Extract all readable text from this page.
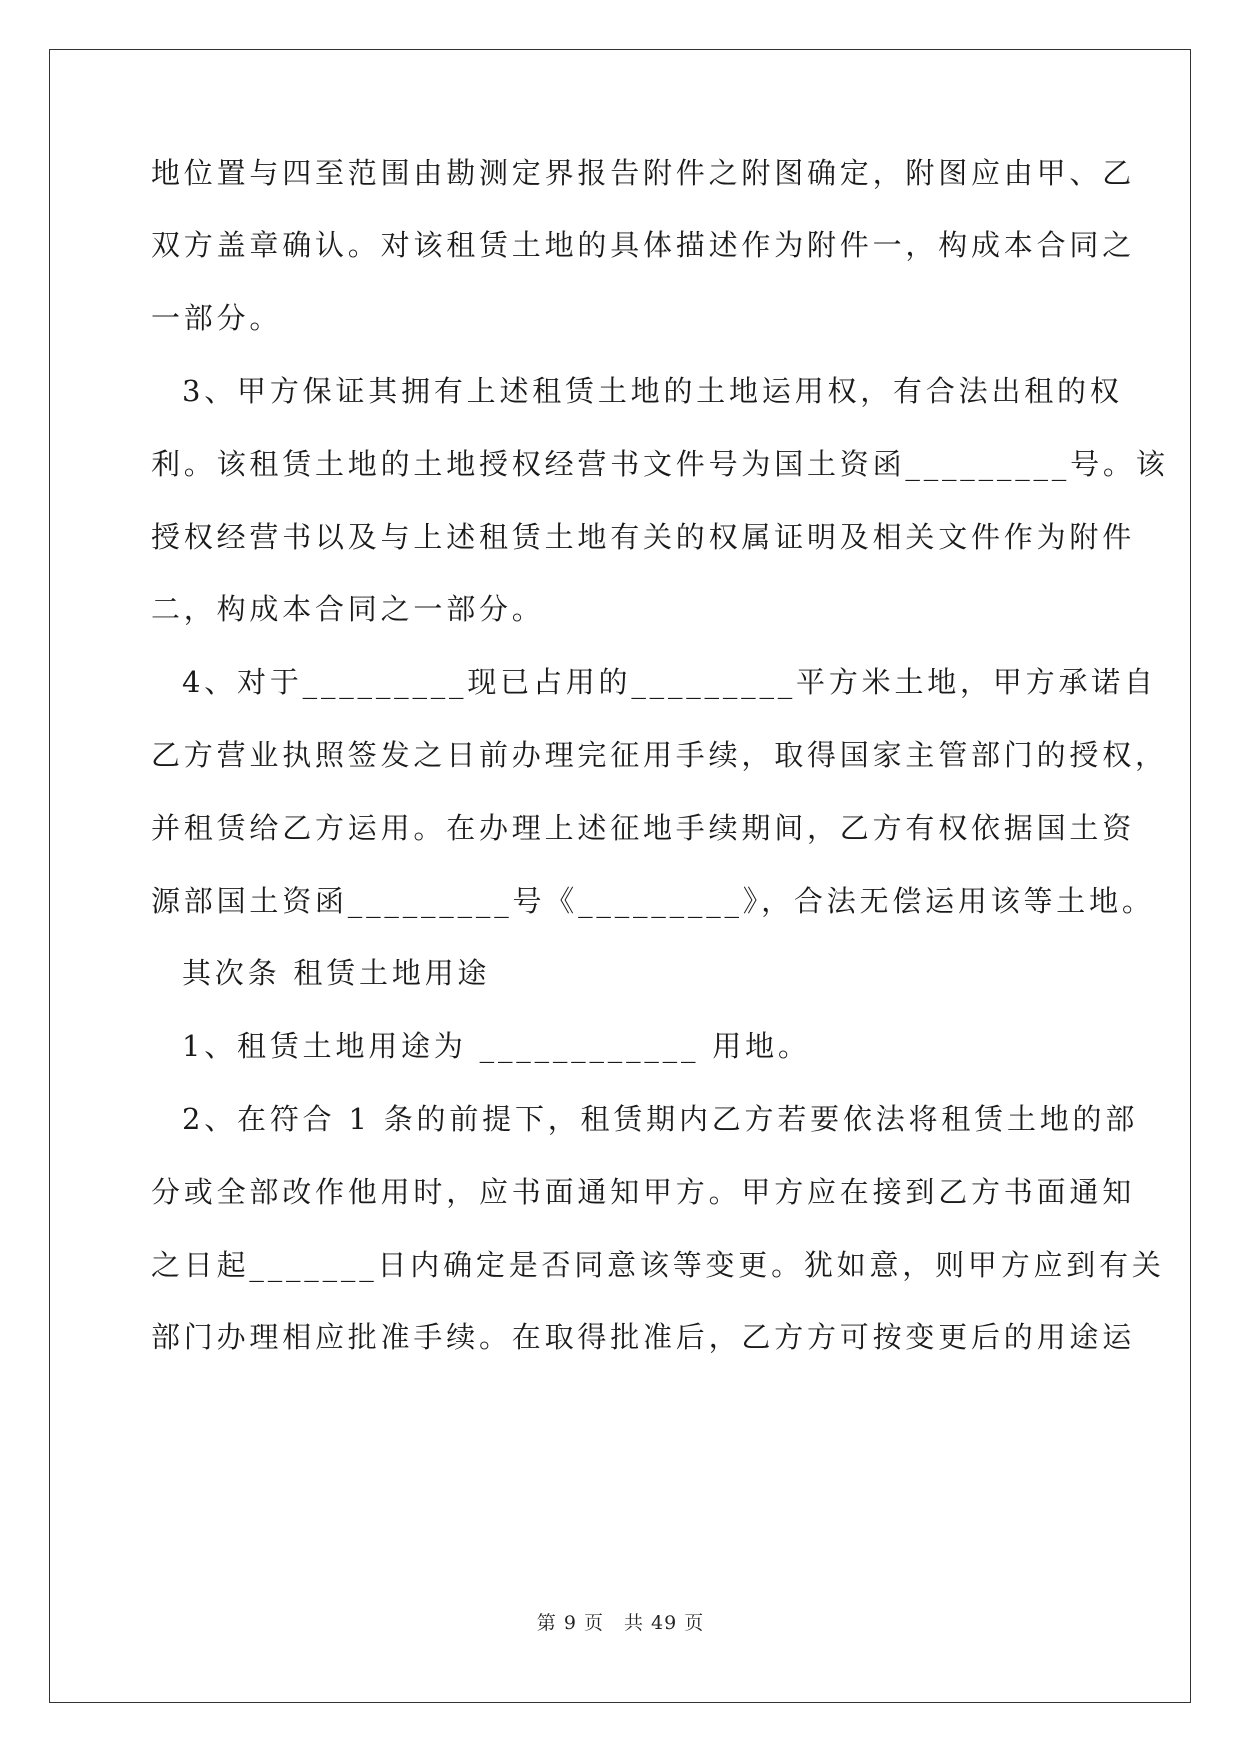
地位置与四至范围由勘测定界报告附件之附图确定，附图应由甲、乙
双方盖章确认。对该租赁土地的具体描述作为附件一，构成本合同之
一部分。
3、甲方保证其拥有上述租赁土地的土地运用权，有合法出租的权
利。该租赁土地的土地授权经营书文件号为国土资函_________号。该
授权经营书以及与上述租赁土地有关的权属证明及相关文件作为附件
二，构成本合同之一部分。
4、对于_________现已占用的_________平方米土地，甲方承诺自
乙方营业执照签发之日前办理完征用手续，取得国家主管部门的授权，
并租赁给乙方运用。在办理上述征地手续期间，乙方有权依据国土资
源部国土资函_________号《_________》，合法无偿运用该等土地。
其次条 租赁土地用途
1、租赁土地用途为 ____________ 用地。
2、在符合 1 条的前提下，租赁期内乙方若要依法将租赁土地的部
分或全部改作他用时，应书面通知甲方。甲方应在接到乙方书面通知
之日起_______日内确定是否同意该等变更。犹如意，则甲方应到有关
部门办理相应批准手续。在取得批准后，乙方方可按变更后的用途运
第 9 页　共 49 页
